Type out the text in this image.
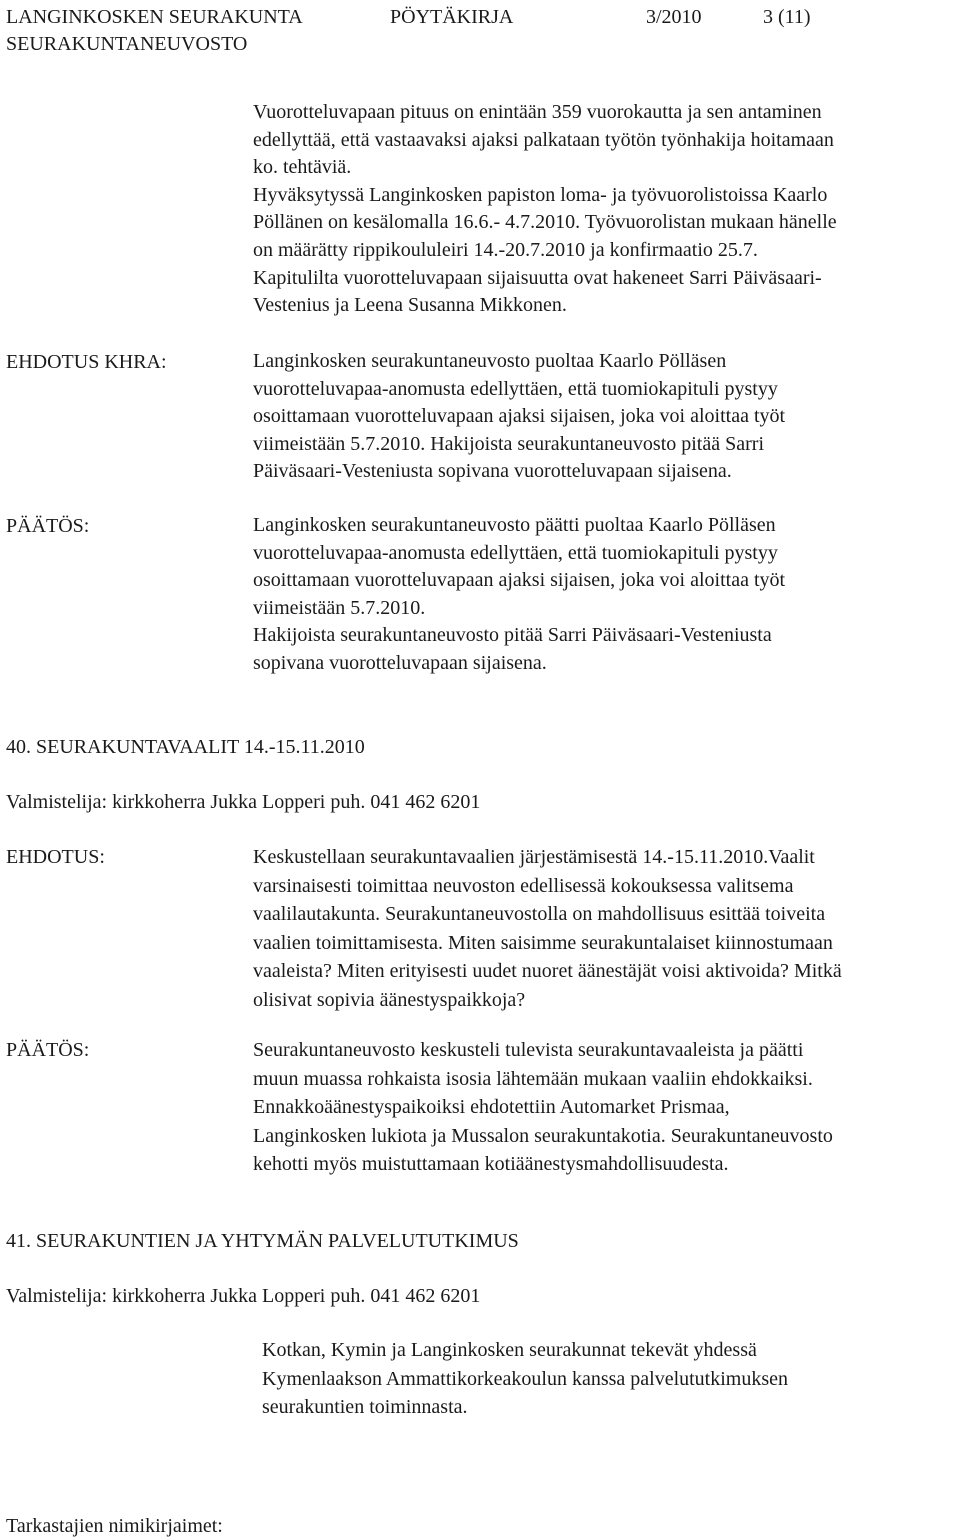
LANGINKOSKEN SEURAKUNTA	PÖYTÄKIRJA	3/2010	3 (11)
SEURAKUNTANEUVOSTO
Vuorotteluvapaan pituus on enintään 359 vuorokautta ja sen antaminen
edellyttää, että vastaavaksi ajaksi palkataan työtön työnhakija hoitamaan
ko. tehtäviä.
Hyväksytyssä Langinkosken papiston loma- ja työvuorolistoissa Kaarlo
Pöllänen on kesälomalla 16.6.- 4.7.2010. Työvuorolistan mukaan hänelle
on määrätty rippikoululeiri 14.-20.7.2010 ja konfirmaatio 25.7.
Kapitulilta vuorotteluvapaan sijaisuutta ovat hakeneet Sarri Päiväsaari-
Vestenius ja Leena Susanna Mikkonen.
EHDOTUS KHRA:	Langinkosken seurakuntaneuvosto puoltaa Kaarlo Pölläsen
vuorotteluvapaa-anomusta edellyttäen, että tuomiokapituli pystyy
osoittamaan vuorotteluvapaan ajaksi sijaisen, joka voi aloittaa työt
viimeistään 5.7.2010. Hakijoista seurakuntaneuvosto pitää Sarri
Päiväsaari-Vesteniusta sopivana vuorotteluvapaan sijaisena.
PÄÄTÖS:	Langinkosken seurakuntaneuvosto päätti puoltaa Kaarlo Pölläsen
vuorotteluvapaa-anomusta edellyttäen, että tuomiokapituli pystyy
osoittamaan vuorotteluvapaan ajaksi sijaisen, joka voi aloittaa työt
viimeistään 5.7.2010.
Hakijoista seurakuntaneuvosto pitää Sarri Päiväsaari-Vesteniusta
sopivana vuorotteluvapaan sijaisena.
40. SEURAKUNTAVAALIT 14.-15.11.2010
Valmistelija: kirkkoherra Jukka Lopperi puh. 041 462 6201
EHDOTUS:	Keskustellaan seurakuntavaalien järjestämisestä 14.-15.11.2010.Vaalit
varsinaisesti toimittaa neuvoston edellisessä kokouksessa valitsema
vaalilautakunta. Seurakuntaneuvostolla on mahdollisuus esittää toiveita
vaalien toimittamisesta. Miten saisimme seurakuntalaiset kiinnostumaan
vaaleista? Miten erityisesti uudet nuoret äänestäjät voisi aktivoida? Mitkä
olisivat sopivia äänestyspaikkoja?
PÄÄTÖS:	Seurakuntaneuvosto keskusteli tulevista seurakuntavaaleista ja päätti
muun muassa rohkaista isosia lähtemään mukaan vaaliin ehdokkaiksi.
Ennakkoäänestyspaikoiksi ehdotettiin Automarket Prismaa,
Langinkosken lukiota ja Mussalon seurakuntakotia. Seurakuntaneuvosto
kehotti myös muistuttamaan kotiäänestysmahdollisuudesta.
41. SEURAKUNTIEN JA YHTYMÄN PALVELUTUTKIMUS
Valmistelija: kirkkoherra Jukka Lopperi puh. 041 462 6201
Kotkan, Kymin ja Langinkosken seurakunnat tekevät yhdessä
Kymenlaakson Ammattikorkeakoulun kanssa palvelututkimuksen
seurakuntien toiminnasta.
Tarkastajien nimikirjaimet:
